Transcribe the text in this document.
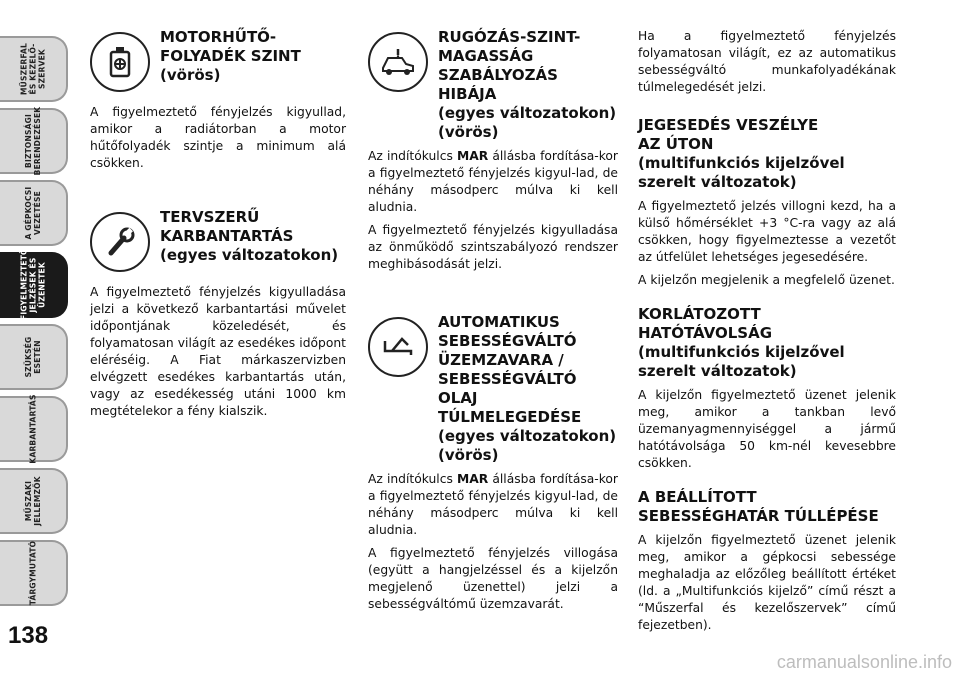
MŰSZERFAL
ÉS KEZELŐ-
SZERVEK
BIZTONSÁGI
BERENDEZÉSEK
A GÉPKOCSI
VEZETÉSE
FIGYELMEZTETŐ
JELZÉSEK ÉS
ÜZENETEK
SZÜKSÉG
ESETÉN
KARBANTARTÁS
MŰSZAKI
JELLEMZŐK
TÁRGYMUTATÓ
138
MOTORHŰTŐ-
FOLYADÉK SZINT
(vörös)

A figyelmeztető fényjelzés kigyullad, amikor a radiátorban a motor hűtőfolyadék szintje a minimum alá csökken.

TERVSZERŰ
KARBANTARTÁS
(egyes változatokon)

A figyelmeztető fényjelzés kigyulladása jelzi a következő karbantartási művelet időpontjának közeledését, és folyamatosan világít az esedékes időpont eléréséig. A Fiat márkaszervizben elvégzett esedékes karbantartás után, vagy az esedékesség utáni 1000 km megtételekor a fény kialszik.

RUGÓZÁS-SZINT-
MAGASSÁG
SZABÁLYOZÁS
HIBÁJA
(egyes változatokon)
(vörös)

Az indítókulcs MAR állásba fordítása-kor a figyelmeztető fényjelzés kigyul-lad, de néhány másodperc múlva ki kell aludnia.

A figyelmeztető fényjelzés kigyulladása az önműködő szintszabályozó rendszer meghibásodását jelzi.

AUTOMATIKUS
SEBESSÉGVÁLTÓ
ÜZEMZAVARA /
SEBESSÉGVÁLTÓ
OLAJ
TÚLMELEGEDÉSE
(egyes változatokon)
(vörös)

Az indítókulcs MAR állásba fordítása-kor a figyelmeztető fényjelzés kigyul-lad, de néhány másodperc múlva ki kell aludnia.

A figyelmeztető fényjelzés villogása (együtt a hangjelzéssel és a kijelzőn megjelenő üzenettel) jelzi a sebességváltómű üzemzavarát.

Ha a figyelmeztető fényjelzés folyamatosan világít, ez az automatikus sebességváltó munkafolyadékának túlmelegedését jelzi.

JEGESEDÉS VESZÉLYE
AZ ÚTON
(multifunkciós kijelzővel
szerelt változatok)

A figyelmeztető jelzés villogni kezd, ha a külső hőmérséklet +3 °C-ra vagy az alá csökken, hogy figyelmeztesse a vezetőt az útfelület lehetséges jegesedésére.

A kijelzőn megjelenik a megfelelő üzenet.

KORLÁTOZOTT
HATÓTÁVOLSÁG
(multifunkciós kijelzővel
szerelt változatok)

A kijelzőn figyelmeztető üzenet jelenik meg, amikor a tankban levő üzemanyagmennyiséggel a jármű hatótávolsága 50 km-nél kevesebbre csökken.

A BEÁLLÍTOTT
SEBESSÉGHATÁR TÚLLÉPÉSE

A kijelzőn figyelmeztető üzenet jelenik meg, amikor a gépkocsi sebessége meghaladja az előzőleg beállított értéket (ld. a „Multifunkciós kijelző” című részt a “Műszerfal és kezelőszervek” című fejezetben).

carmanualsonline.info
